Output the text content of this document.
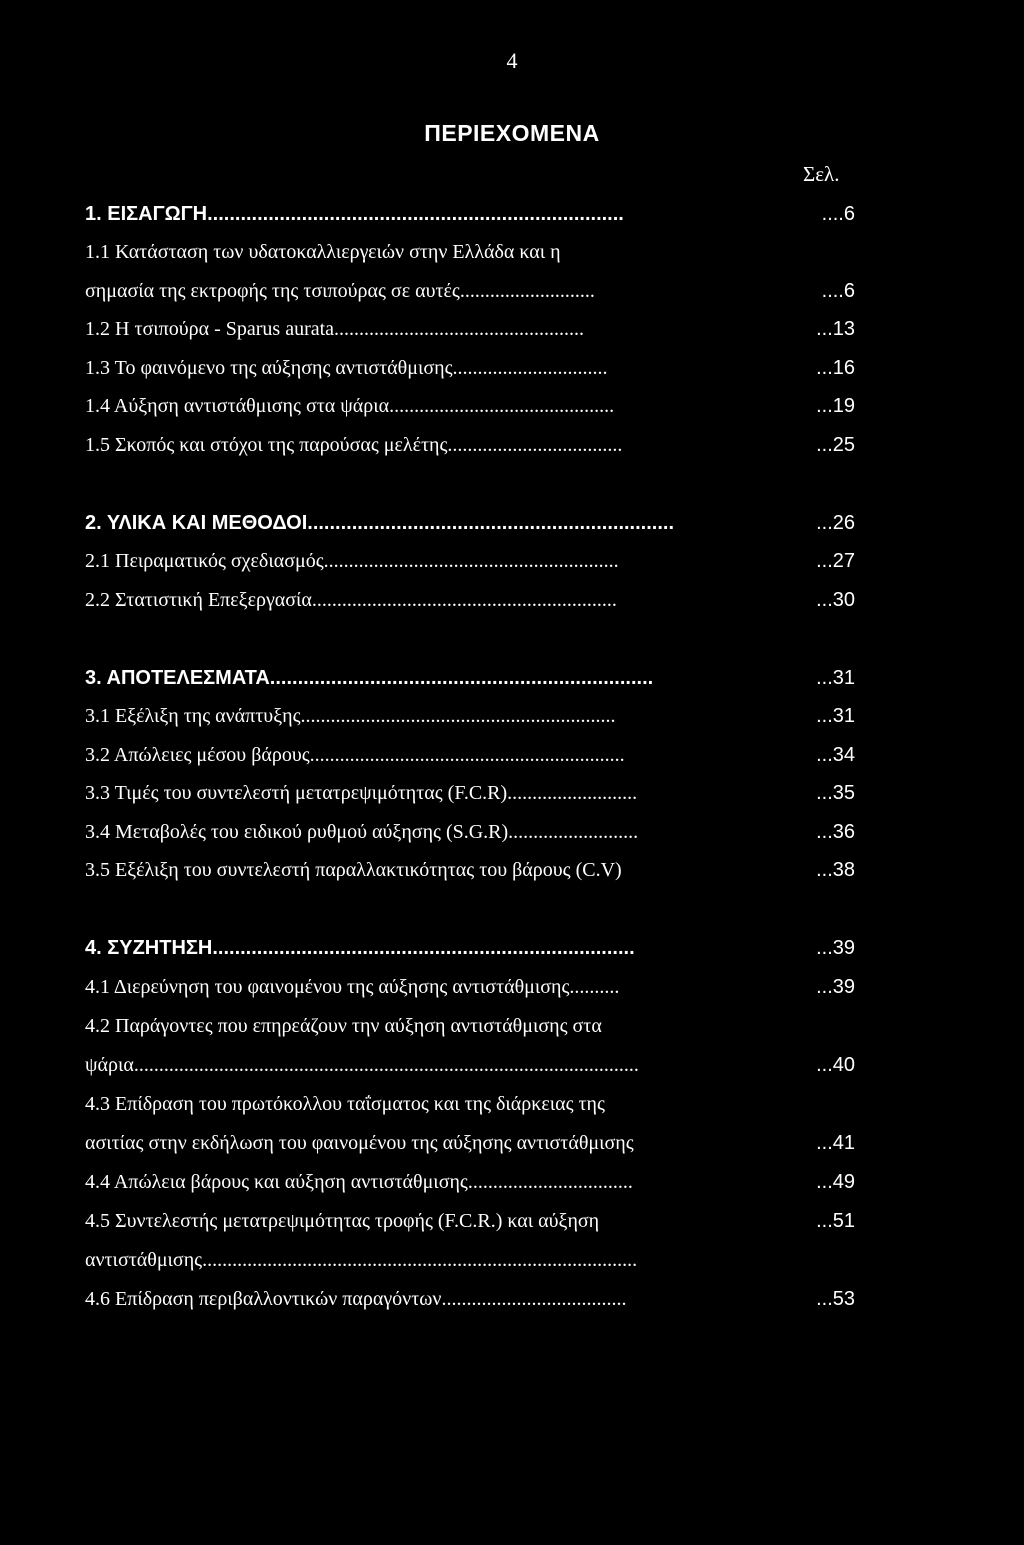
4
ΠΕΡΙΕΧΟΜΕΝΑ
Σελ.
1. ΕΙΣΑΓΩΓΗ...........................................................................	....6
1.1 Κατάσταση των υδατοκαλλιεργειών στην Ελλάδα και η
σημασία της εκτροφής της τσιπούρας σε αυτές...........................	....6
1.2 Η τσιπούρα - Sparus aurata..................................................	...13
1.3 Το φαινόμενο της αύξησης αντιστάθμισης...............................	...16
1.4 Αύξηση αντιστάθμισης στα ψάρια.............................................	...19
1.5 Σκοπός και στόχοι της παρούσας μελέτης...................................	...25
2. ΥΛΙΚΑ ΚΑΙ ΜΕΘΟΔΟΙ..................................................................	...26
2.1 Πειραματικός σχεδιασμός...........................................................	...27
2.2 Στατιστική Επεξεργασία.............................................................	...30
3. ΑΠΟΤΕΛΕΣΜΑΤΑ.....................................................................	...31
3.1 Εξέλιξη της ανάπτυξης...............................................................	...31
3.2 Απώλειες μέσου βάρους...............................................................	...34
3.3 Τιμές του συντελεστή μετατρεψιμότητας (F.C.R)..........................	...35
3.4 Μεταβολές του ειδικού ρυθμού αύξησης (S.G.R)..........................	...36
3.5 Εξέλιξη του συντελεστή παραλλακτικότητας του βάρους (C.V)	...38
4. ΣΥΖΗΤΗΣΗ............................................................................	...39
4.1 Διερεύνηση του φαινομένου της αύξησης αντιστάθμισης..........	...39
4.2 Παράγοντες που επηρεάζουν την αύξηση αντιστάθμισης στα
ψάρια.....................................................................................................	...40
4.3 Επίδραση του πρωτόκολλου ταΐσματος και της διάρκειας της
ασιτίας στην εκδήλωση του φαινομένου της αύξησης αντιστάθμισης	...41
4.4 Απώλεια βάρους και αύξηση αντιστάθμισης.................................	...49
4.5 Συντελεστής μετατρεψιμότητας τροφής (F.C.R.) και αύξηση	...51
αντιστάθμισης.......................................................................................
4.6 Επίδραση περιβαλλοντικών παραγόντων.....................................	...53
